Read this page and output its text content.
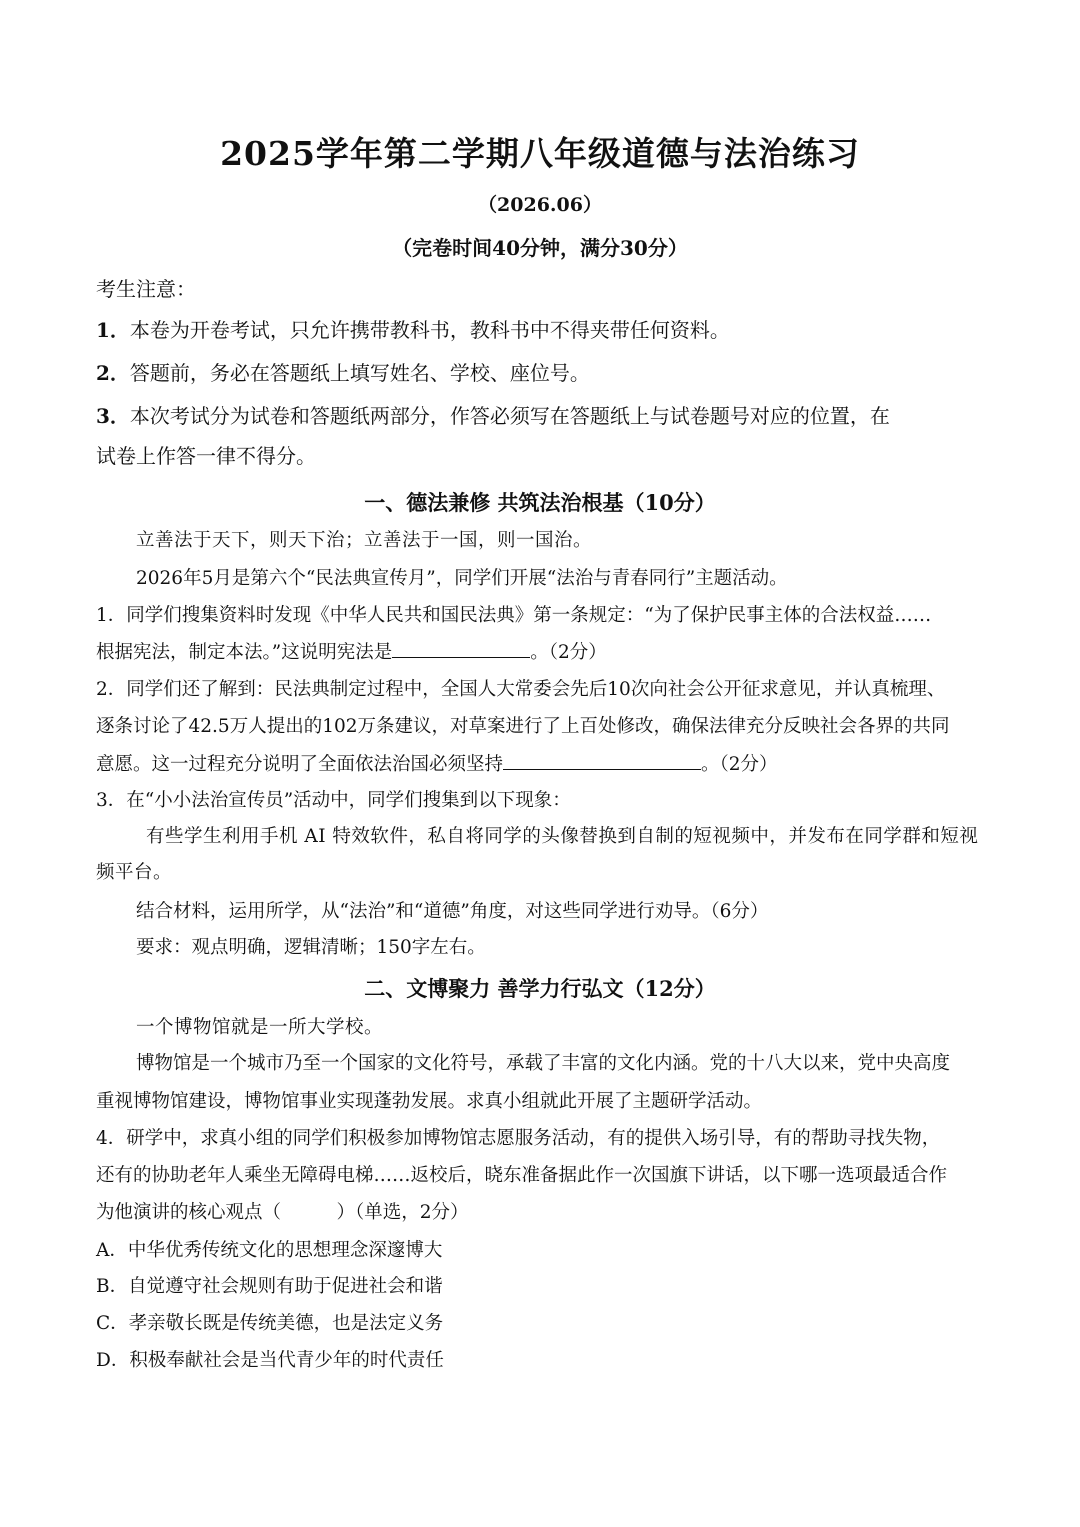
2025学年第二学期八年级道德与法治练习
（2026.06）
（完卷时间40分钟，满分30分）
考生注意：
1．本卷为开卷考试，只允许携带教科书，教科书中不得夹带任何资料。
2．答题前，务必在答题纸上填写姓名、学校、座位号。
3．本次考试分为试卷和答题纸两部分，作答必须写在答题纸上与试卷题号对应的位置，在
试卷上作答一律不得分。
一、德法兼修 共筑法治根基（10分）
立善法于天下，则天下治；立善法于一国，则一国治。
2026年5月是第六个“民法典宣传月”，同学们开展“法治与青春同行”主题活动。
1．同学们搜集资料时发现《中华人民共和国民法典》第一条规定：“为了保护民事主体的合法权益……
根据宪法，制定本法。”这说明宪法是	。（2分）
2．同学们还了解到：民法典制定过程中，全国人大常委会先后10次向社会公开征求意见，并认真梳理、
逐条讨论了42.5万人提出的102万条建议，对草案进行了上百处修改，确保法律充分反映社会各界的共同
意愿。这一过程充分说明了全面依法治国必须坚持	。（2分）
3．在“小小法治宣传员”活动中，同学们搜集到以下现象：
有些学生利用手机 AI 特效软件，私自将同学的头像替换到自制的短视频中，并发布在同学群和短视
频平台。
结合材料，运用所学，从“法治”和“道德”角度，对这些同学进行劝导。（6分）
要求：观点明确，逻辑清晰；150字左右。
二、文博聚力 善学力行弘文（12分）
一个博物馆就是一所大学校。
博物馆是一个城市乃至一个国家的文化符号，承载了丰富的文化内涵。党的十八大以来，党中央高度
重视博物馆建设，博物馆事业实现蓬勃发展。求真小组就此开展了主题研学活动。
4．研学中，求真小组的同学们积极参加博物馆志愿服务活动，有的提供入场引导，有的帮助寻找失物，
还有的协助老年人乘坐无障碍电梯……返校后，晓东准备据此作一次国旗下讲话，以下哪一选项最适合作
为他演讲的核心观点（　　　）（单选，2分）
A．中华优秀传统文化的思想理念深邃博大
B．自觉遵守社会规则有助于促进社会和谐
C．孝亲敬长既是传统美德，也是法定义务
D．积极奉献社会是当代青少年的时代责任
